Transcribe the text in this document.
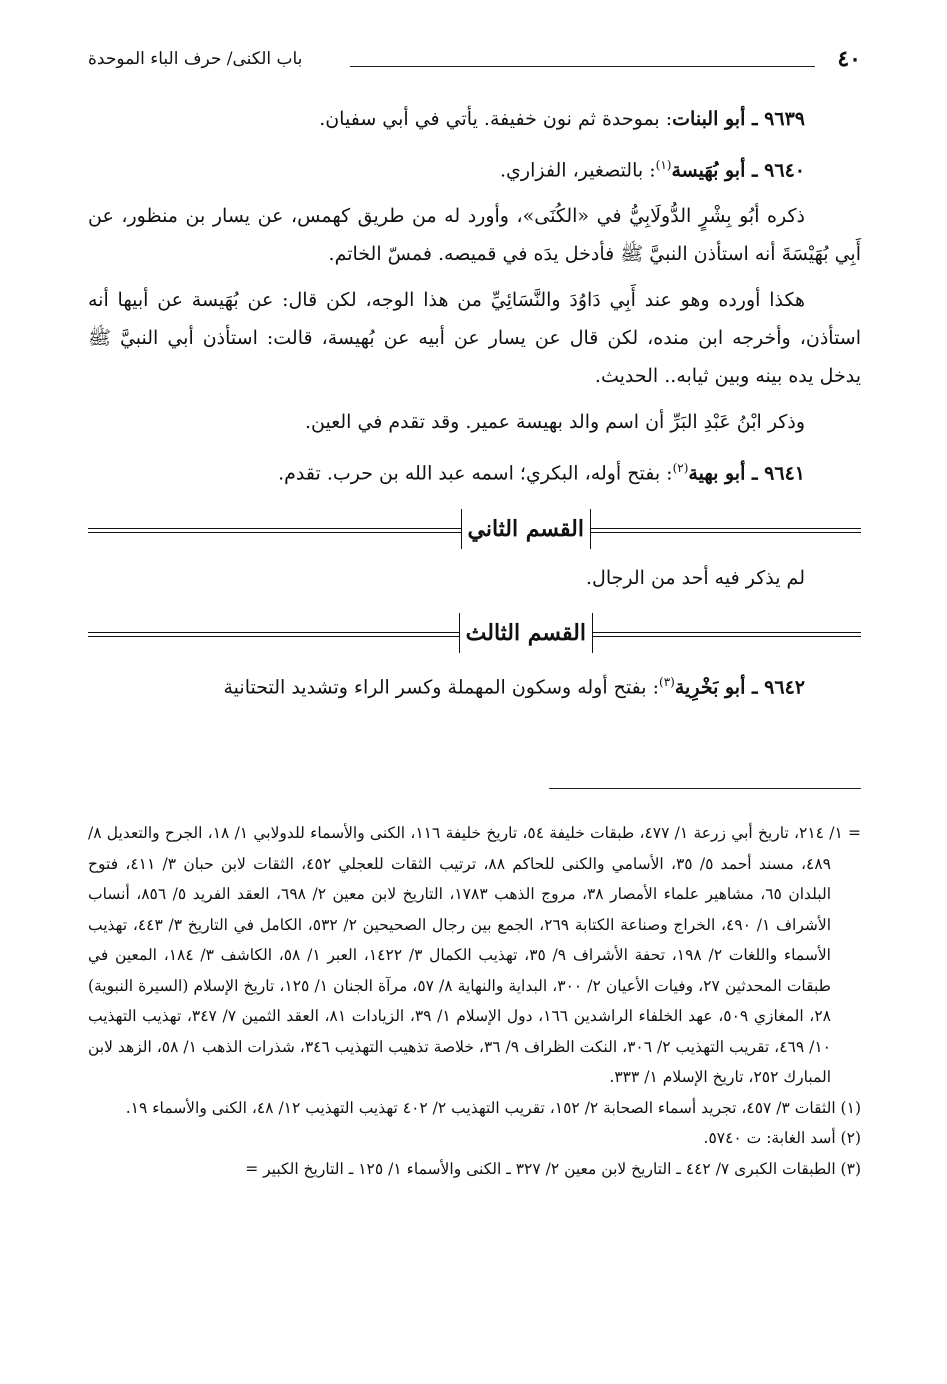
٤٠
باب الكنى/ حرف الباء الموحدة

٩٦٣٩ ـ أبو البنات: بموحدة ثم نون خفيفة. يأتي في أبي سفيان.

٩٦٤٠ ـ أبو بُهَيسة$^{(١)}$: بالتصغير، الفزاري.

ذكره أبُو بِشْرٍ الدُّولَابِيُّ في «الكُنَى»، وأورد له من طريق كهمس، عن يسار بن منظور، عن أَبِي بُهَيْسَةَ أنه استأذن النبيَّ ﷺ فأدخل يدَه في قميصه. فمسّ الخاتم.

هكذا أورده وهو عند أَبِي دَاوُدَ والنَّسَائِيِّ من هذا الوجه، لكن قال: عن بُهَيسة عن أبيها أنه استأذن، وأخرجه ابن منده، لكن قال عن يسار عن أبيه عن بُهيسة، قالت: استأذن أبي النبيَّ ﷺ يدخل يده بينه وبين ثيابه.. الحديث.

وذكر ابْنُ عَبْدِ البَرِّ أن اسم والد بهيسة عمير. وقد تقدم في العين.

٩٦٤١ ـ أبو بهية$^{(٢)}$: بفتح أوله، البكري؛ اسمه عبد الله بن حرب. تقدم.

القسم الثاني

لم يذكر فيه أحد من الرجال.

القسم الثالث

٩٦٤٢ ـ أبو بَخْرِية$^{(٣)}$: بفتح أوله وسكون المهملة وكسر الراء وتشديد التحتانية

= ١/ ٢١٤، تاريخ أبي زرعة ١/ ٤٧٧، طبقات خليفة ٥٤، تاريخ خليفة ١١٦، الكنى والأسماء للدولابي ١/ ١٨، الجرح والتعديل ٨/ ٤٨٩، مسند أحمد ٥/ ٣٥، الأسامي والكنى للحاكم ٨٨، ترتيب الثقات للعجلي ٤٥٢، الثقات لابن حبان ٣/ ٤١١، فتوح البلدان ٦٥، مشاهير علماء الأمصار ٣٨، مروج الذهب ١٧٨٣، التاريخ لابن معين ٢/ ٦٩٨، العقد الفريد ٥/ ٨٥٦، أنساب الأشراف ١/ ٤٩٠، الخراج وصناعة الكتابة ٢٦٩، الجمع بين رجال الصحيحين ٢/ ٥٣٢، الكامل في التاريخ ٣/ ٤٤٣، تهذيب الأسماء واللغات ٢/ ١٩٨، تحفة الأشراف ٩/ ٣٥، تهذيب الكمال ٣/ ١٤٢٢، العبر ١/ ٥٨، الكاشف ٣/ ١٨٤، المعين في طبقات المحدثين ٢٧، وفيات الأعيان ٢/ ٣٠٠، البداية والنهاية ٨/ ٥٧، مرآة الجنان ١/ ١٢٥، تاريخ الإسلام (السيرة النبوية) ٢٨، المغازي ٥٠٩، عهد الخلفاء الراشدين ١٦٦، دول الإسلام ١/ ٣٩، الزيادات ٨١، العقد الثمين ٧/ ٣٤٧، تهذيب التهذيب ١٠/ ٤٦٩، تقريب التهذيب ٢/ ٣٠٦، النكت الظراف ٩/ ٣٦، خلاصة تذهيب التهذيب ٣٤٦، شذرات الذهب ١/ ٥٨، الزهد لابن المبارك ٢٥٢، تاريخ الإسلام ١/ ٣٣٣.

(١) الثقات ٣/ ٤٥٧، تجريد أسماء الصحابة ٢/ ١٥٢، تقريب التهذيب ٢/ ٤٠٢ تهذيب التهذيب ١٢/ ٤٨، الكنى والأسماء ١٩.

(٢) أسد الغابة: ت ٥٧٤٠.

(٣) الطبقات الكبرى ٧/ ٤٤٢ ـ التاريخ لابن معين ٢/ ٣٢٧ ـ الكنى والأسماء ١/ ١٢٥ ـ التاريخ الكبير =
